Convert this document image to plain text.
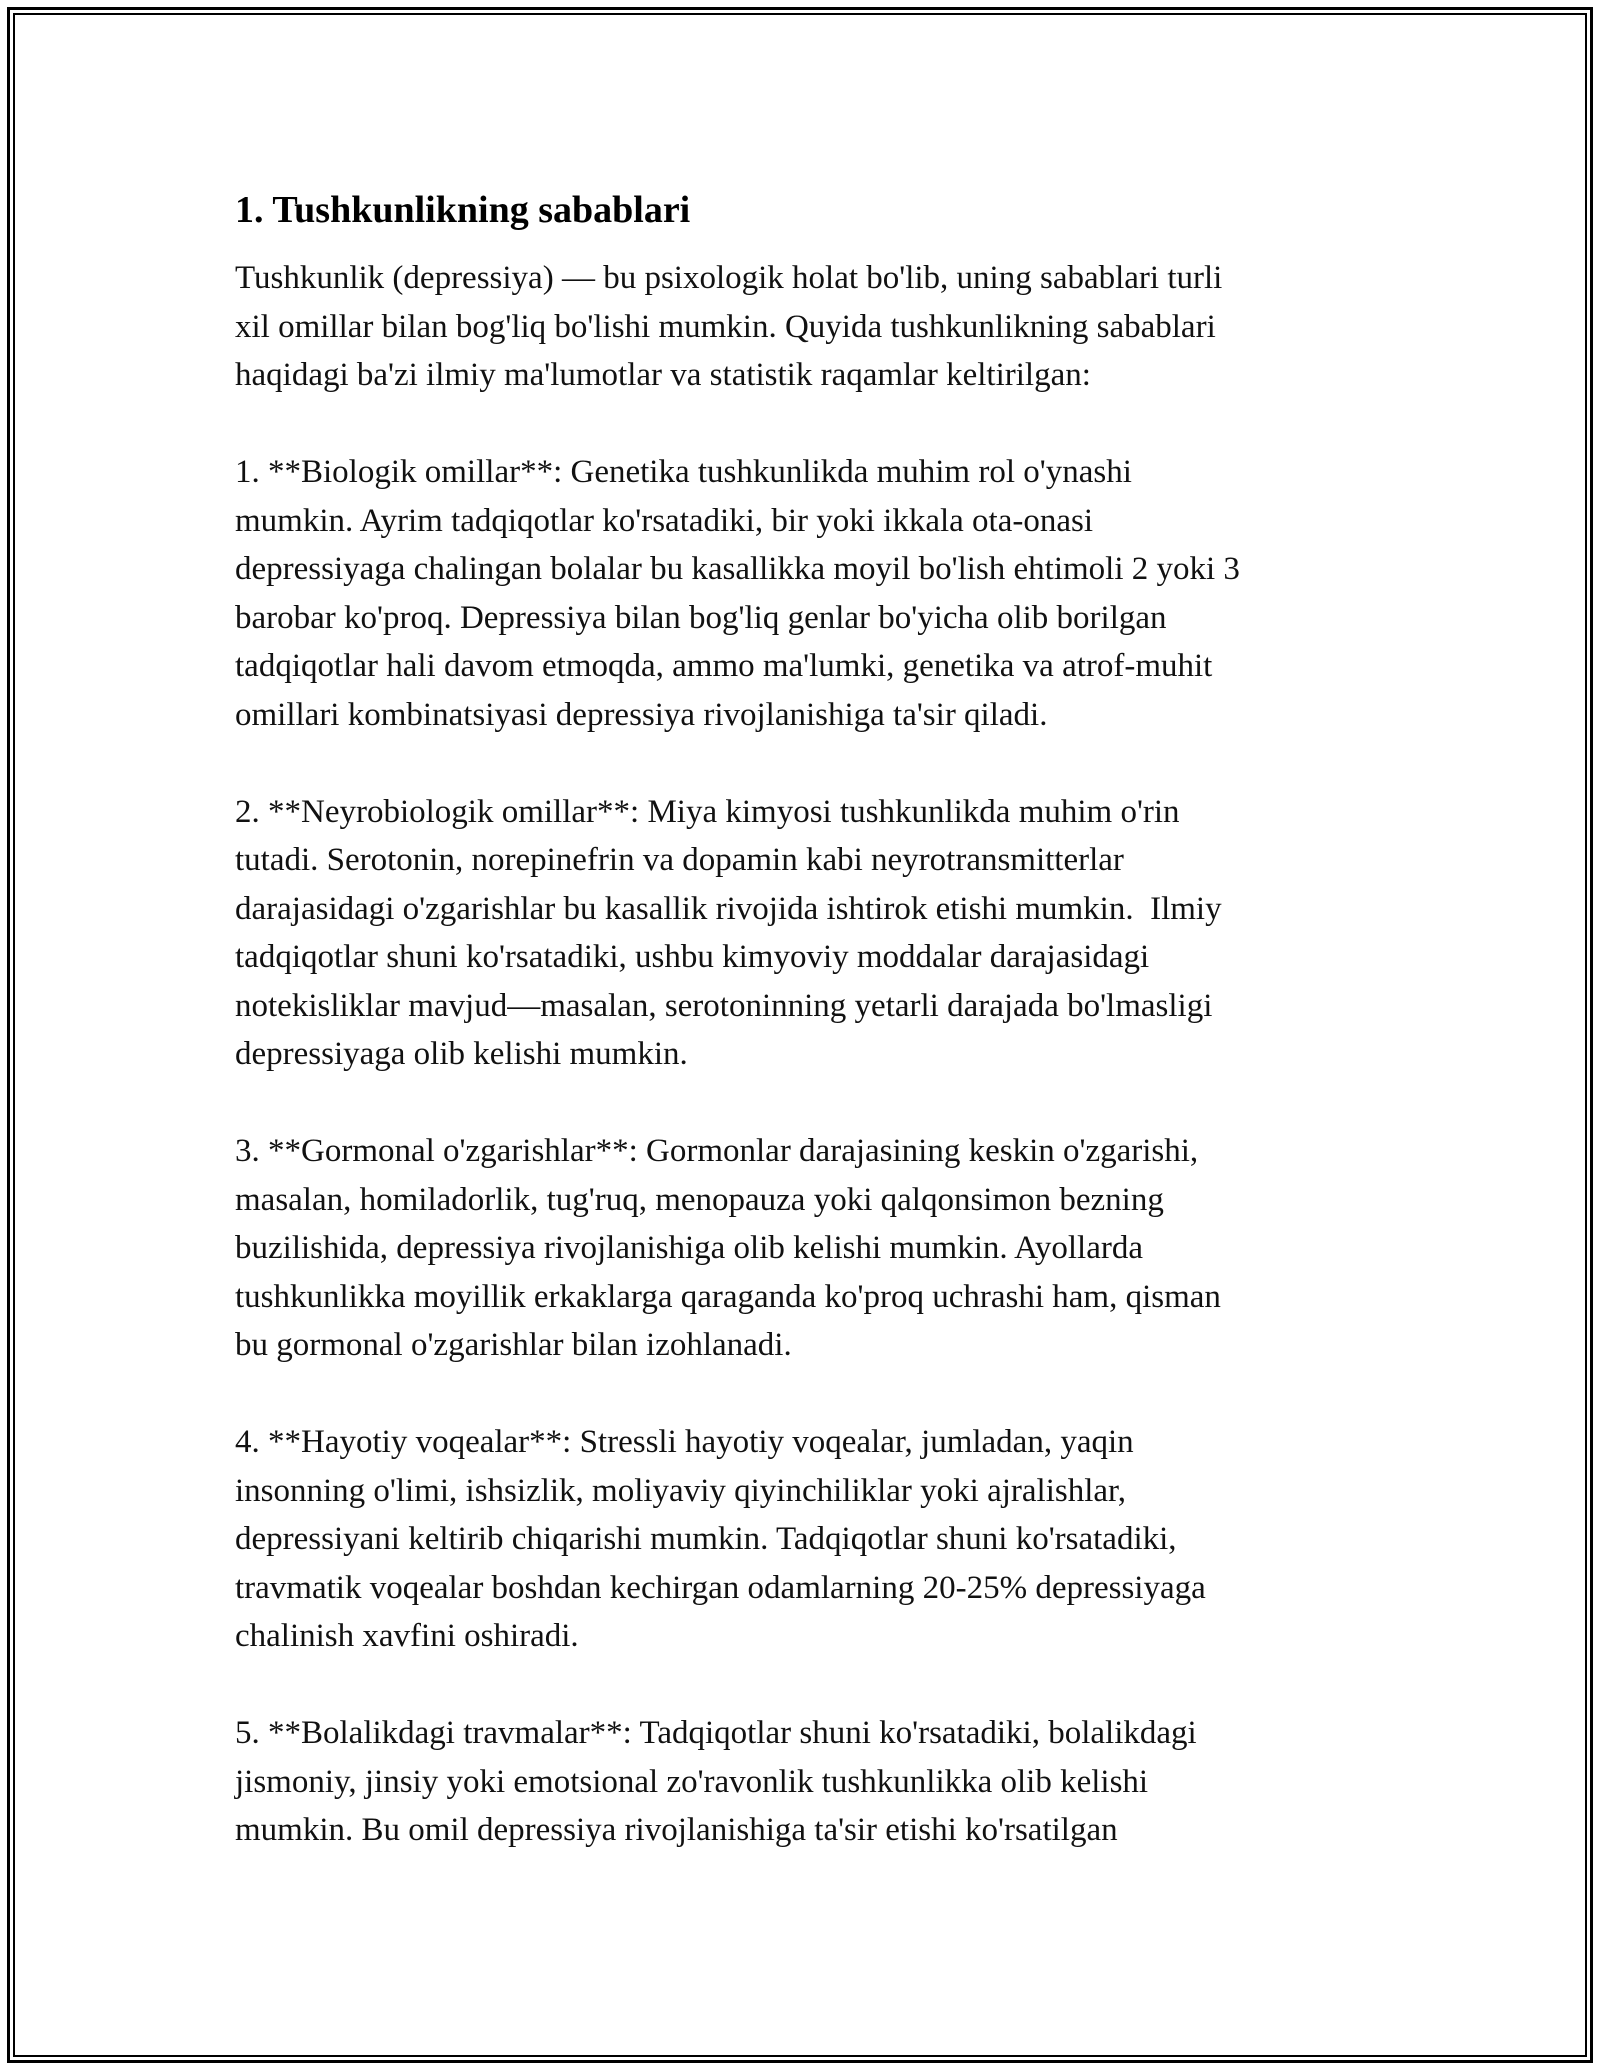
1. Tushkunlikning sabablari

Tushkunlik (depressiya) — bu psixologik holat bo'lib, uning sabablari turli
xil omillar bilan bog'liq bo'lishi mumkin. Quyida tushkunlikning sabablari
haqidagi ba'zi ilmiy ma'lumotlar va statistik raqamlar keltirilgan:

1. **Biologik omillar**: Genetika tushkunlikda muhim rol o'ynashi
mumkin. Ayrim tadqiqotlar ko'rsatadiki, bir yoki ikkala ota-onasi
depressiyaga chalingan bolalar bu kasallikka moyil bo'lish ehtimoli 2 yoki 3
barobar ko'proq. Depressiya bilan bog'liq genlar bo'yicha olib borilgan
tadqiqotlar hali davom etmoqda, ammo ma'lumki, genetika va atrof-muhit
omillari kombinatsiyasi depressiya rivojlanishiga ta'sir qiladi.

2. **Neyrobiologik omillar**: Miya kimyosi tushkunlikda muhim o'rin
tutadi. Serotonin, norepinefrin va dopamin kabi neyrotransmitterlar
darajasidagi o'zgarishlar bu kasallik rivojida ishtirok etishi mumkin.  Ilmiy
tadqiqotlar shuni ko'rsatadiki, ushbu kimyoviy moddalar darajasidagi
notekisliklar mavjud—masalan, serotoninning yetarli darajada bo'lmasligi
depressiyaga olib kelishi mumkin.

3. **Gormonal o'zgarishlar**: Gormonlar darajasining keskin o'zgarishi,
masalan, homiladorlik, tug'ruq, menopauza yoki qalqonsimon bezning
buzilishida, depressiya rivojlanishiga olib kelishi mumkin. Ayollarda
tushkunlikka moyillik erkaklarga qaraganda ko'proq uchrashi ham, qisman
bu gormonal o'zgarishlar bilan izohlanadi.

4. **Hayotiy voqealar**: Stressli hayotiy voqealar, jumladan, yaqin
insonning o'limi, ishsizlik, moliyaviy qiyinchiliklar yoki ajralishlar,
depressiyani keltirib chiqarishi mumkin. Tadqiqotlar shuni ko'rsatadiki,
travmatik voqealar boshdan kechirgan odamlarning 20-25% depressiyaga
chalinish xavfini oshiradi.

5. **Bolalikdagi travmalar**: Tadqiqotlar shuni ko'rsatadiki, bolalikdagi
jismoniy, jinsiy yoki emotsional zo'ravonlik tushkunlikka olib kelishi
mumkin. Bu omil depressiya rivojlanishiga ta'sir etishi ko'rsatilgan
